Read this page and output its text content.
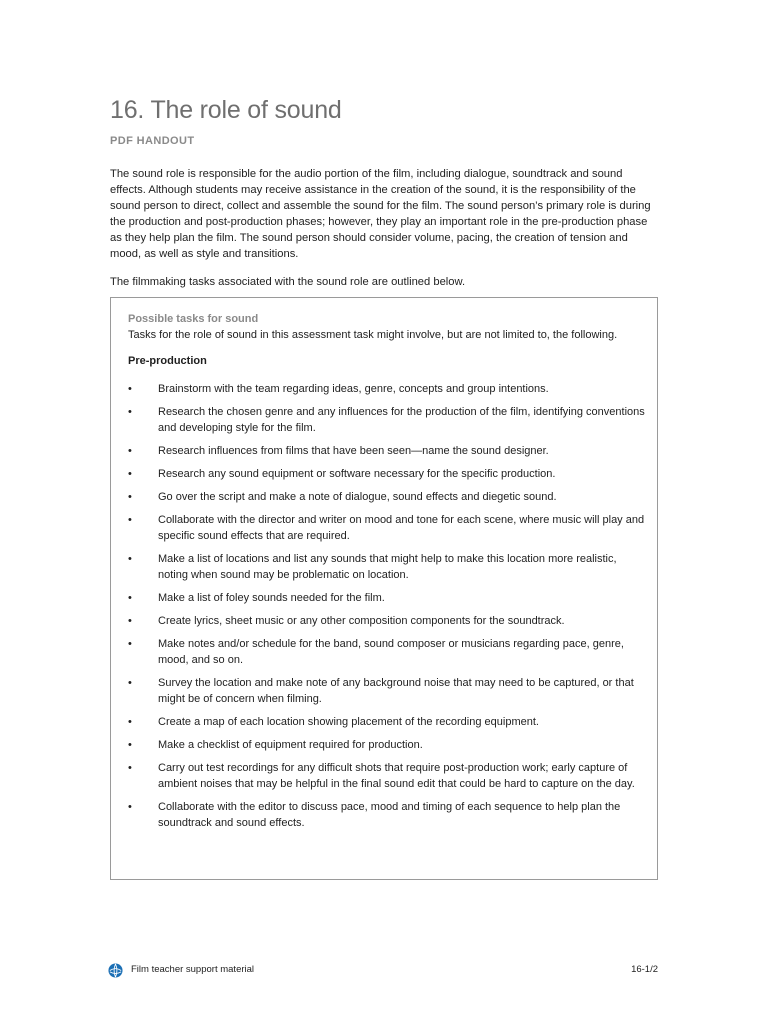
16. The role of sound
PDF HANDOUT

The sound role is responsible for the audio portion of the film, including dialogue, soundtrack and sound effects. Although students may receive assistance in the creation of the sound, it is the responsibility of the sound person to direct, collect and assemble the sound for the film. The sound person’s primary role is during the production and post-production phases; however, they play an important role in the pre-production phase as they help plan the film. The sound person should consider volume, pacing, the creation of tension and mood, as well as style and transitions.

The filmmaking tasks associated with the sound role are outlined below.

Possible tasks for sound
Tasks for the role of sound in this assessment task might involve, but are not limited to, the following.
Pre-production
•	Brainstorm with the team regarding ideas, genre, concepts and group intentions.
•	Research the chosen genre and any influences for the production of the film, identifying conventions and developing style for the film.
•	Research influences from films that have been seen—name the sound designer.
•	Research any sound equipment or software necessary for the specific production.
•	Go over the script and make a note of dialogue, sound effects and diegetic sound.
•	Collaborate with the director and writer on mood and tone for each scene, where music will play and specific sound effects that are required.
•	Make a list of locations and list any sounds that might help to make this location more realistic, noting when sound may be problematic on location.
•	Make a list of foley sounds needed for the film.
•	Create lyrics, sheet music or any other composition components for the soundtrack.
•	Make notes and/or schedule for the band, sound composer or musicians regarding pace, genre, mood, and so on.
•	Survey the location and make note of any background noise that may need to be captured, or that might be of concern when filming.
•	Create a map of each location showing placement of the recording equipment.
•	Make a checklist of equipment required for production.
•	Carry out test recordings for any difficult shots that require post-production work; early capture of ambient noises that may be helpful in the final sound edit that could be hard to capture on the day.
•	Collaborate with the editor to discuss pace, mood and timing of each sequence to help plan the soundtrack and sound effects.
Film teacher support material	16-1/2
